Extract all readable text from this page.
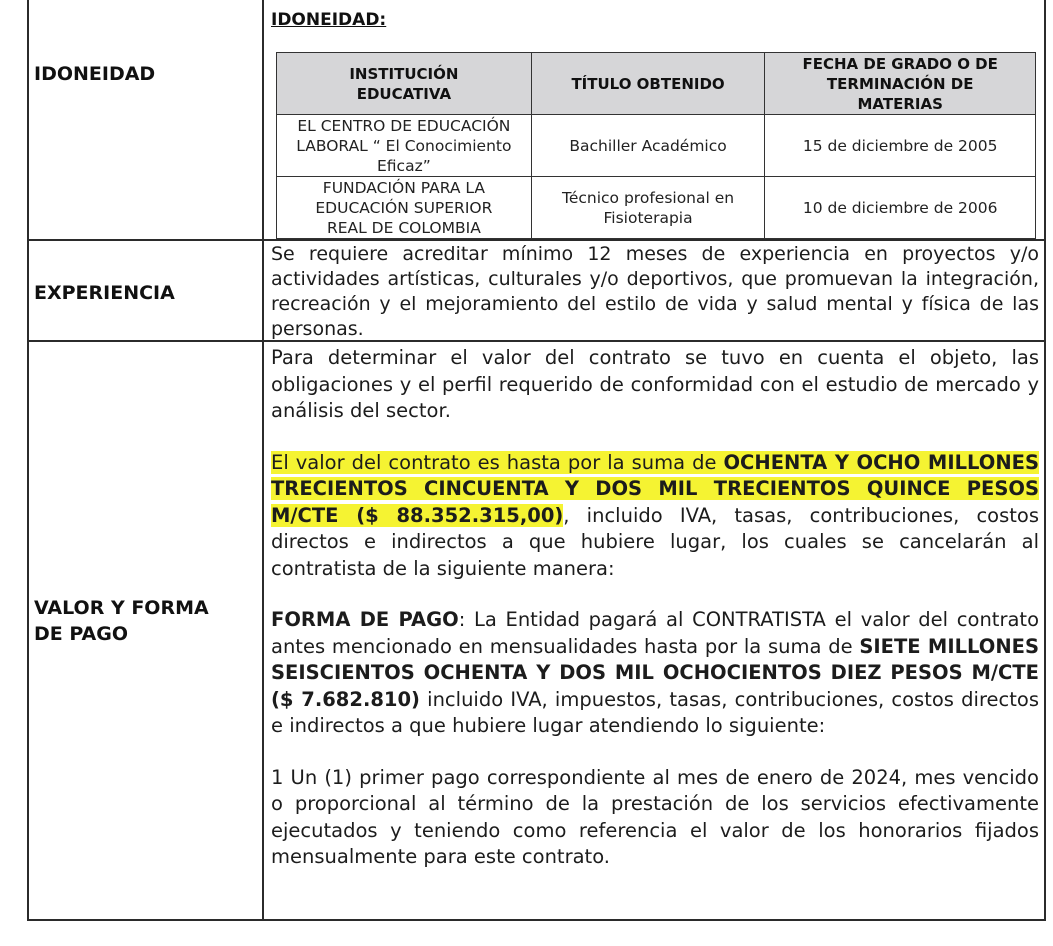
IDONEIDAD
IDONEIDAD:
INSTITUCIÓN EDUCATIVA	TÍTULO OBTENIDO	FECHA DE GRADO O DE TERMINACIÓN DE MATERIAS
EL CENTRO DE EDUCACIÓN LABORAL “ El Conocimiento Eficaz”	Bachiller Académico	15 de diciembre de 2005
FUNDACIÓN PARA LA EDUCACIÓN SUPERIOR REAL DE COLOMBIA	Técnico profesional en Fisioterapia	10 de diciembre de 2006
EXPERIENCIA

Se requiere acreditar mínimo 12 meses de experiencia en proyectos y/o actividades artísticas, culturales y/o deportivos, que promuevan la integración, recreación y el mejoramiento del estilo de vida y salud mental y física de las personas.

VALOR Y FORMA DE PAGO

Para determinar el valor del contrato se tuvo en cuenta el objeto, las obligaciones y el perfil requerido de conformidad con el estudio de mercado y análisis del sector.

El valor del contrato es hasta por la suma de OCHENTA Y OCHO MILLONES TRECIENTOS CINCUENTA Y DOS MIL TRECIENTOS QUINCE PESOS M/CTE ($ 88.352.315,00), incluido IVA, tasas, contribuciones, costos directos e indirectos a que hubiere lugar, los cuales se cancelarán al contratista de la siguiente manera:

FORMA DE PAGO: La Entidad pagará al CONTRATISTA el valor del contrato antes mencionado en mensualidades hasta por la suma de SIETE MILLONES SEISCIENTOS OCHENTA Y DOS MIL OCHOCIENTOS DIEZ PESOS M/CTE ($ 7.682.810) incluido IVA, impuestos, tasas, contribuciones, costos directos e indirectos a que hubiere lugar atendiendo lo siguiente:

1 Un (1) primer pago correspondiente al mes de enero de 2024, mes vencido o proporcional al término de la prestación de los servicios efectivamente ejecutados y teniendo como referencia el valor de los honorarios fijados mensualmente para este contrato.
